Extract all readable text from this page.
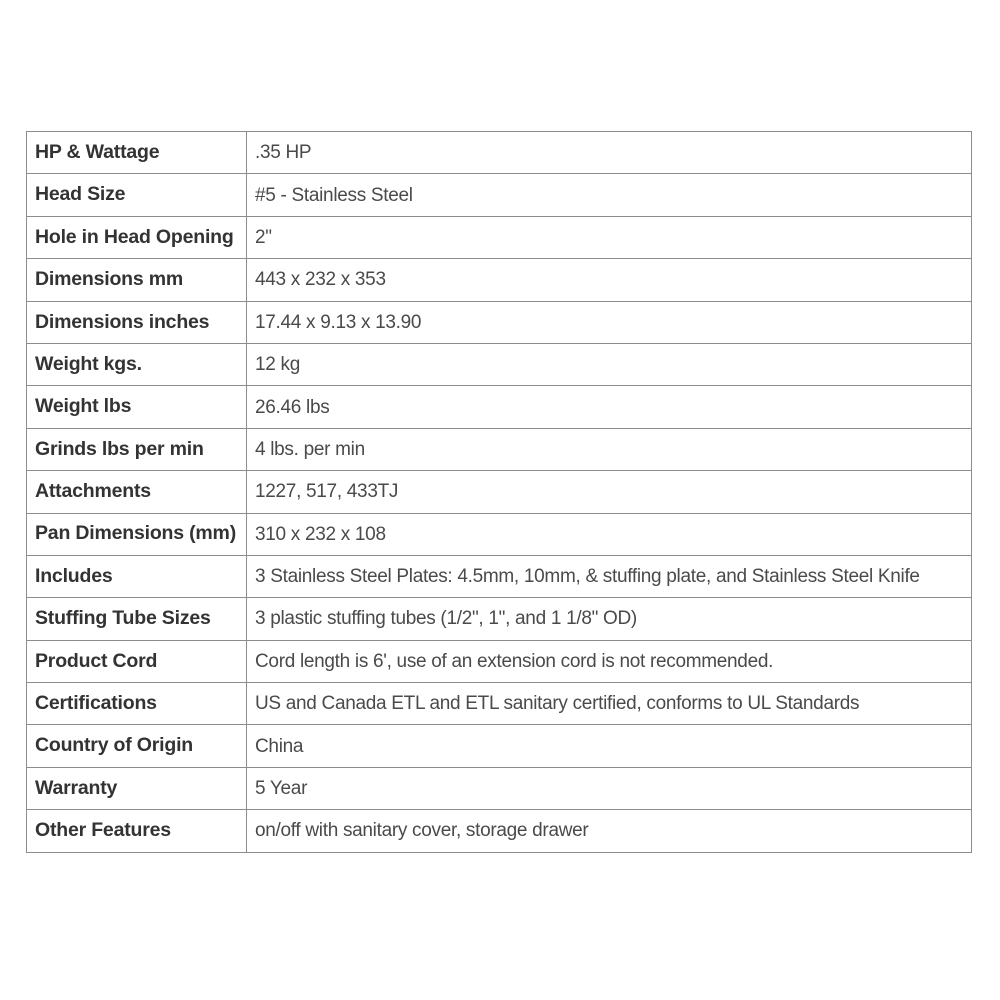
HP & Wattage	.35 HP
Head Size	#5 - Stainless Steel
Hole in Head Opening	2"
Dimensions mm	443 x 232 x 353
Dimensions inches	17.44 x 9.13 x 13.90
Weight kgs.	12 kg
Weight lbs	26.46 lbs
Grinds lbs per min	4 lbs. per min
Attachments	1227, 517, 433TJ
Pan Dimensions (mm)	310 x 232 x 108
Includes	3 Stainless Steel Plates: 4.5mm, 10mm, & stuffing plate, and Stainless Steel Knife
Stuffing Tube Sizes	3 plastic stuffing tubes (1/2", 1", and 1 1/8" OD)
Product Cord	Cord length is 6', use of an extension cord is not recommended.
Certifications	US and Canada ETL and ETL sanitary certified, conforms to UL Standards
Country of Origin	China
Warranty	5 Year
Other Features	on/off with sanitary cover, storage drawer
